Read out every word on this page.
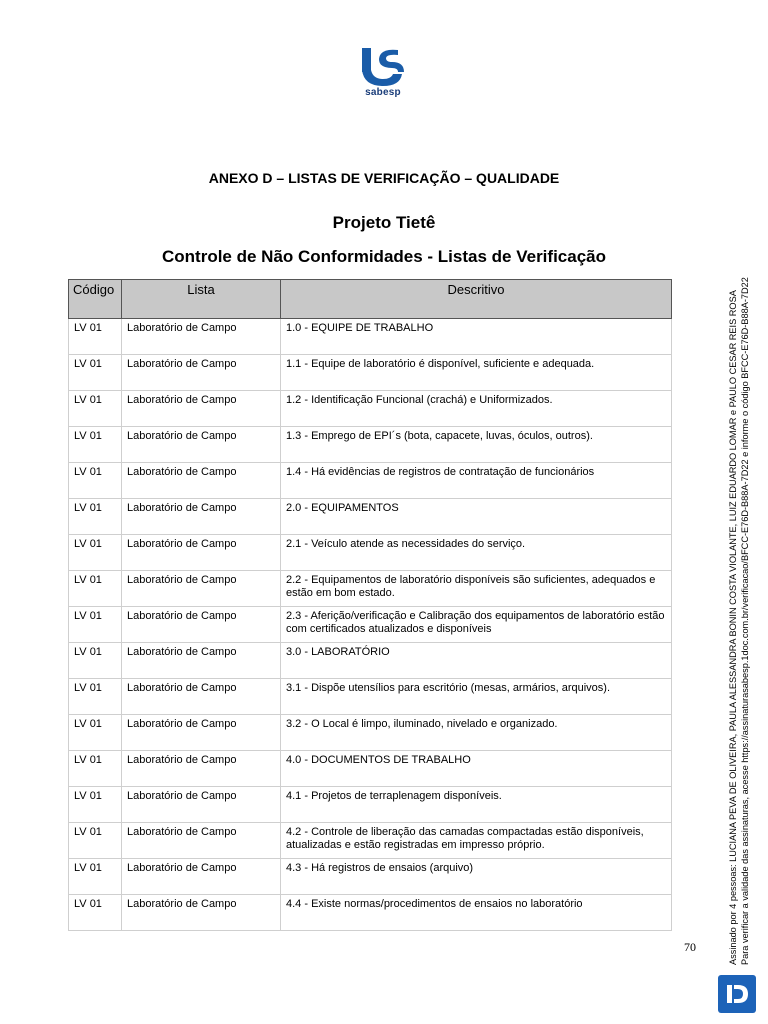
sabesp
ANEXO D – LISTAS DE VERIFICAÇÃO – QUALIDADE
Projeto Tietê
Controle de Não Conformidades - Listas de Verificação
Código	Lista	Descritivo
LV 01	Laboratório de Campo	1.0 - EQUIPE DE TRABALHO
LV 01	Laboratório de Campo	1.1 - Equipe de laboratório é disponível, suficiente e adequada.
LV 01	Laboratório de Campo	1.2 - Identificação Funcional (crachá) e Uniformizados.
LV 01	Laboratório de Campo	1.3 - Emprego de EPI´s (bota, capacete, luvas, óculos, outros).
LV 01	Laboratório de Campo	1.4 - Há evidências de registros de contratação de funcionários
LV 01	Laboratório de Campo	2.0 - EQUIPAMENTOS
LV 01	Laboratório de Campo	2.1 - Veículo atende as necessidades do serviço.
LV 01	Laboratório de Campo	2.2 - Equipamentos de laboratório disponíveis são suficientes, adequados e estão em bom estado.
LV 01	Laboratório de Campo	2.3 - Aferição/verificação e Calibração dos equipamentos de laboratório estão com certificados atualizados e disponíveis
LV 01	Laboratório de Campo	3.0 - LABORATÓRIO
LV 01	Laboratório de Campo	3.1 - Dispõe utensílios para escritório (mesas, armários, arquivos).
LV 01	Laboratório de Campo	3.2 - O Local é limpo, iluminado, nivelado e organizado.
LV 01	Laboratório de Campo	4.0 - DOCUMENTOS DE TRABALHO
LV 01	Laboratório de Campo	4.1 - Projetos de terraplenagem disponíveis.
LV 01	Laboratório de Campo	4.2 - Controle de liberação das camadas compactadas estão disponíveis, atualizadas e estão registradas em impresso próprio.
LV 01	Laboratório de Campo	4.3 - Há registros de ensaios (arquivo)
LV 01	Laboratório de Campo	4.4 - Existe normas/procedimentos de ensaios no laboratório
70	Assinado por 4 pessoas: LUCIANA PEVA DE OLIVEIRA, PAULA ALESSANDRA BONIN COSTA VIOLANTE, LUIZ EDUARDO LOMAR e PAULO CESAR REIS ROSA Para verificar a validade das assinaturas, acesse https://assinaturasabesp.1doc.com.br/verificacao/BFCC-E76D-B88A-7D22 e informe o código BFCC-E76D-B88A-7D22
